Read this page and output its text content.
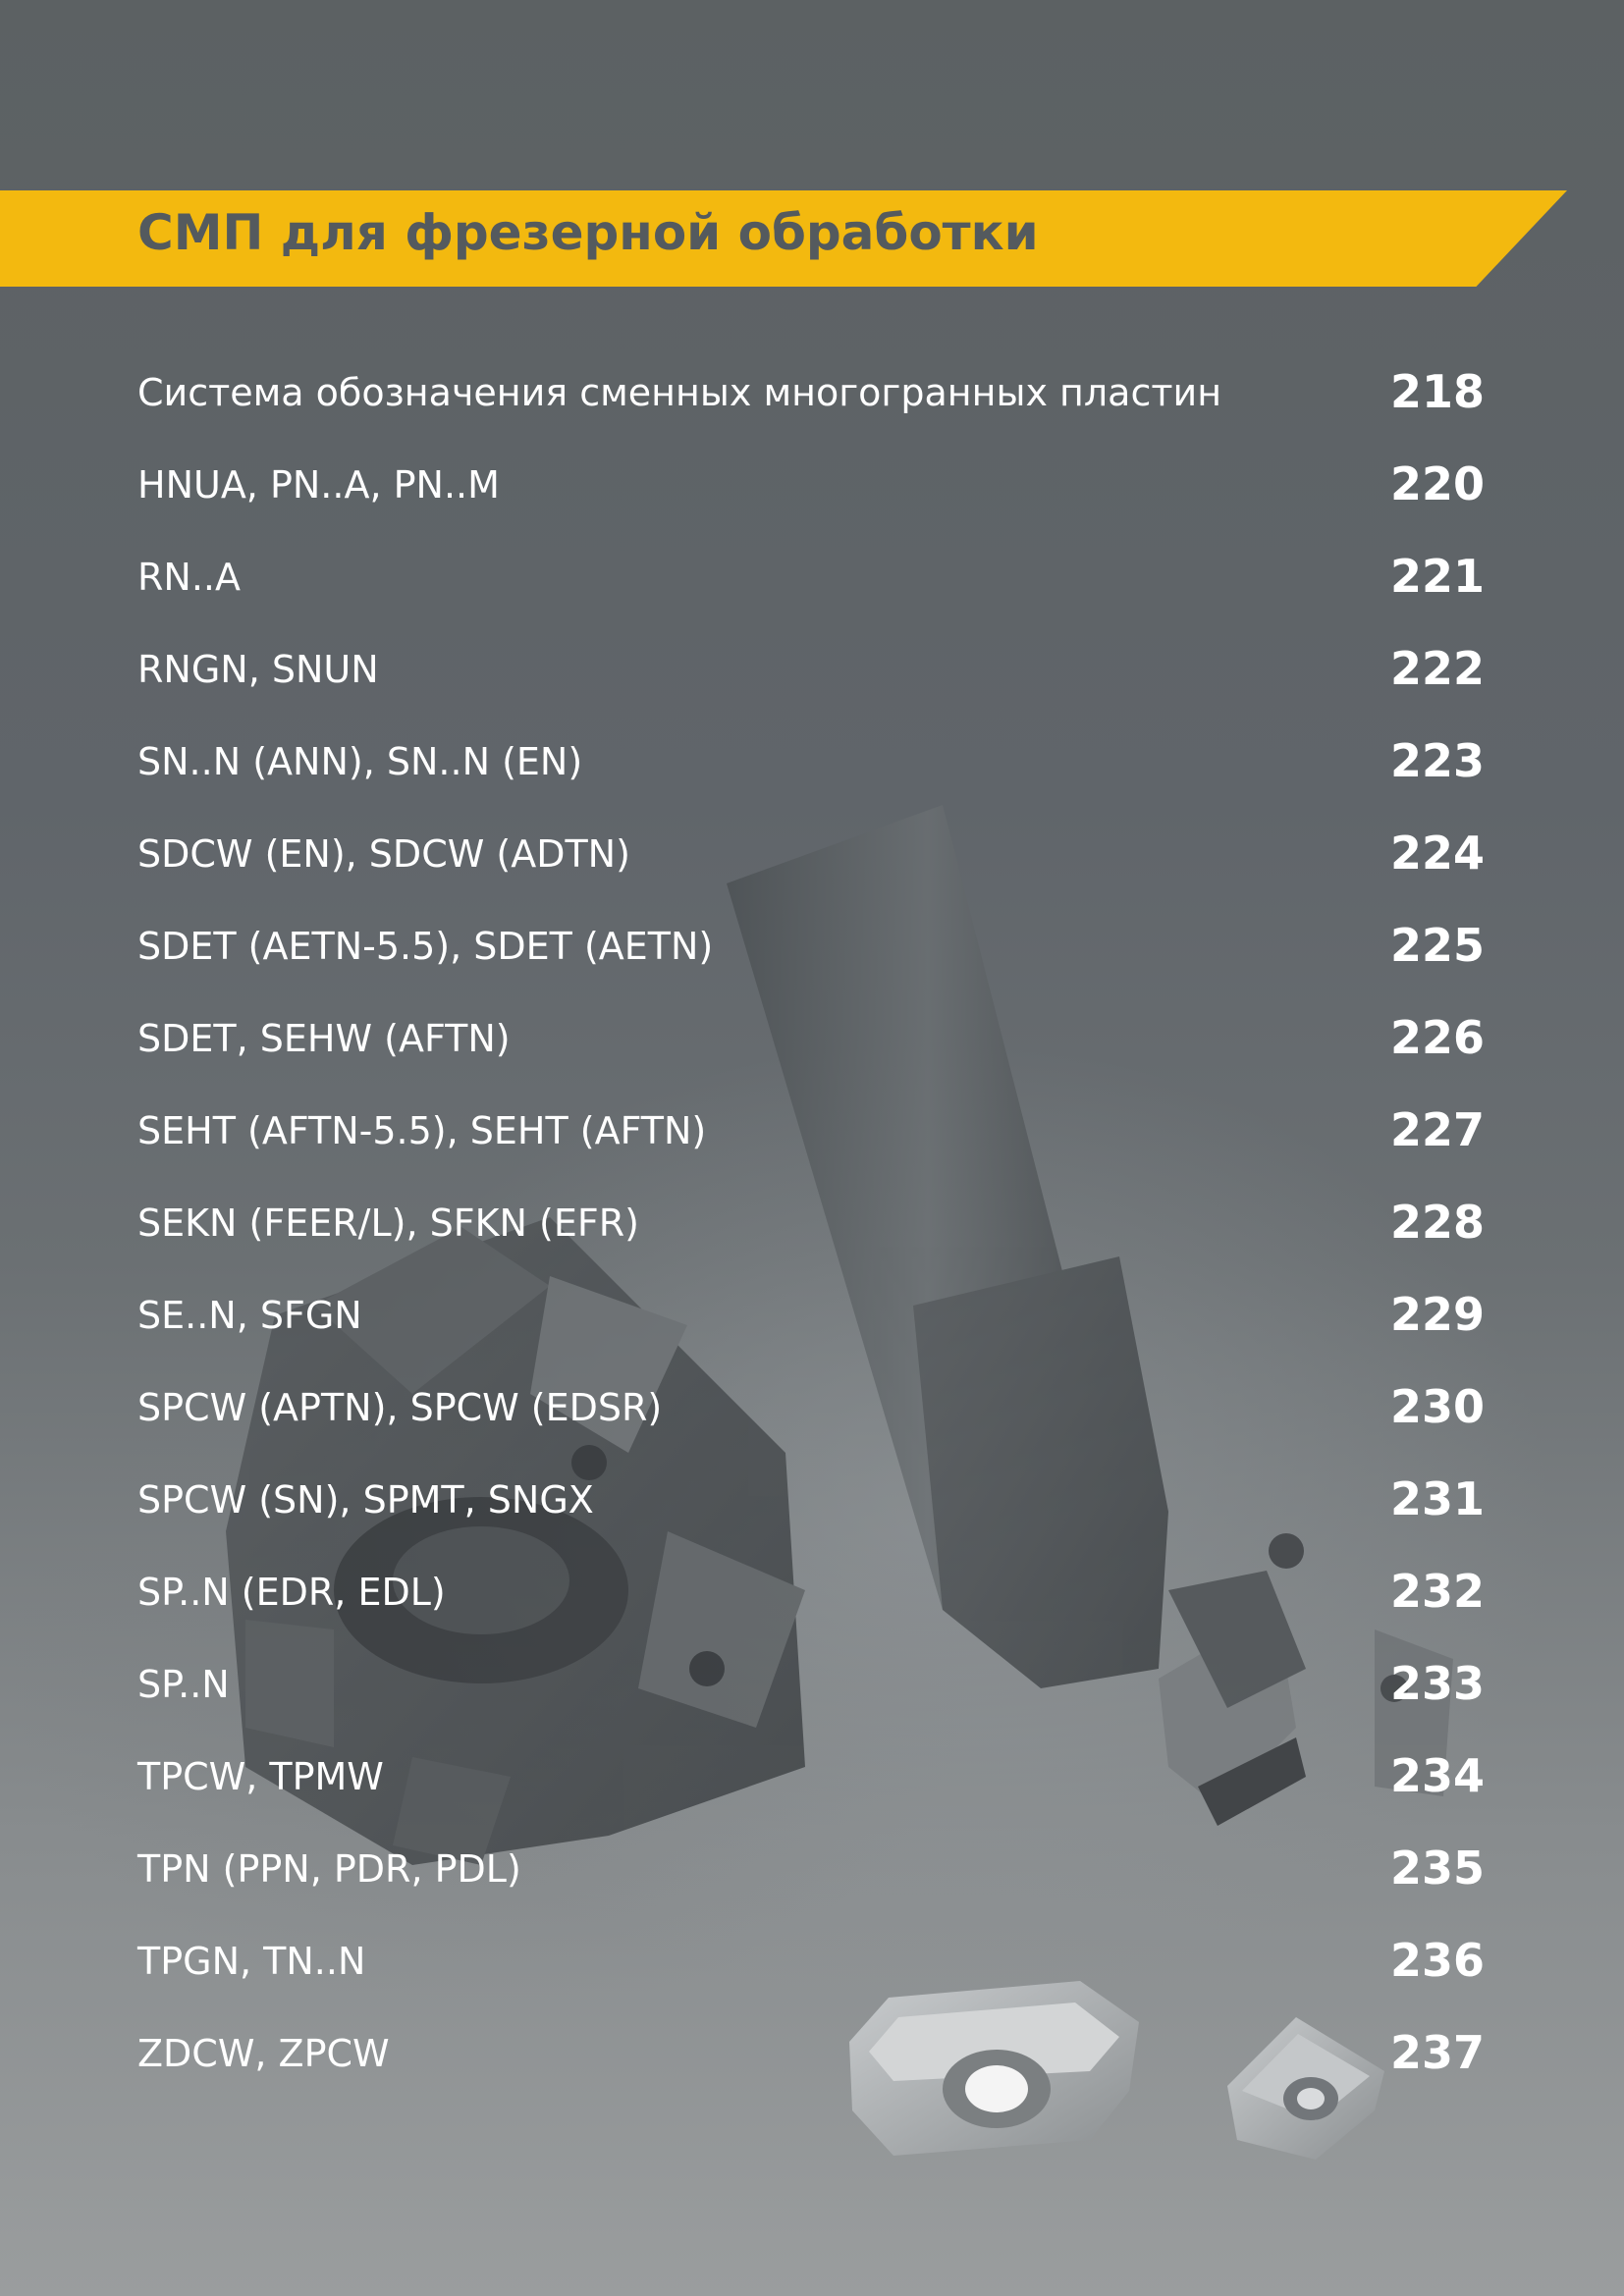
СМП для фрезерной обработки
Система обозначения сменных многогранных пластин	218
HNUA, PN..A, PN..M	220
RN..A	221
RNGN, SNUN	222
SN..N (ANN), SN..N (EN)	223
SDCW (EN), SDCW (ADTN)	224
SDET (AETN-5.5), SDET (AETN)	225
SDET, SEHW (AFTN)	226
SEHT (AFTN-5.5), SEHT (AFTN)	227
SEKN (FEER/L), SFKN (EFR)	228
SE..N, SFGN	229
SPCW (APTN), SPCW (EDSR)	230
SPCW (SN), SPMT, SNGX	231
SP..N (EDR, EDL)	232
SP..N	233
TPCW, TPMW	234
TPN (PPN, PDR, PDL)	235
TPGN, TN..N	236
ZDCW, ZPCW	237
